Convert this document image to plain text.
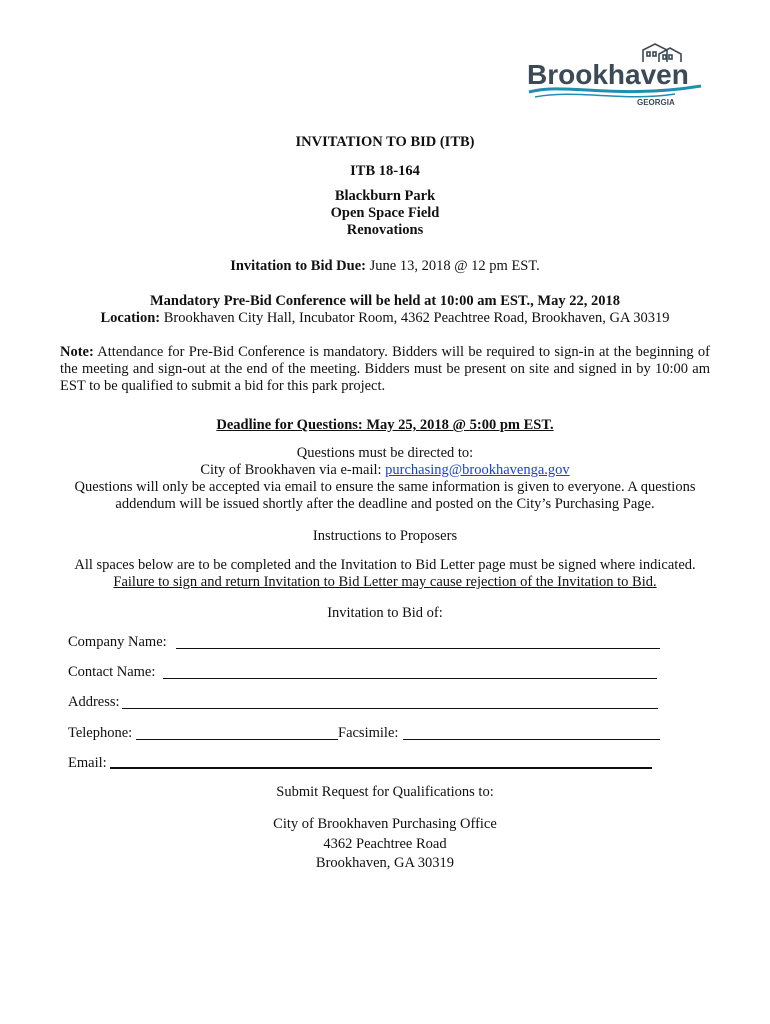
Brookhaven
GEORGIA
INVITATION TO BID (ITB)
ITB 18-164
Blackburn Park
Open Space Field
Renovations
Invitation to Bid Due: June 13, 2018 @ 12 pm EST.
Mandatory Pre-Bid Conference will be held at 10:00 am EST., May 22, 2018
Location: Brookhaven City Hall, Incubator Room, 4362 Peachtree Road, Brookhaven, GA 30319
Note: Attendance for Pre-Bid Conference is mandatory. Bidders will be required to sign-in at the beginning of the meeting and sign-out at the end of the meeting. Bidders must be present on site and signed in by 10:00 am EST to be qualified to submit a bid for this park project.
Deadline for Questions: May 25, 2018 @ 5:00 pm EST.
Questions must be directed to:
City of Brookhaven via e-mail: purchasing@brookhavenga.gov
Questions will only be accepted via email to ensure the same information is given to everyone. A questions addendum will be issued shortly after the deadline and posted on the City’s Purchasing Page.
Instructions to Proposers
All spaces below are to be completed and the Invitation to Bid Letter page must be signed where indicated. Failure to sign and return Invitation to Bid Letter may cause rejection of the Invitation to Bid.
Invitation to Bid of:
Company Name:
Contact Name:
Address:
Telephone:	Facsimile:
Email:
Submit Request for Qualifications to:
City of Brookhaven Purchasing Office
4362 Peachtree Road
Brookhaven, GA 30319
